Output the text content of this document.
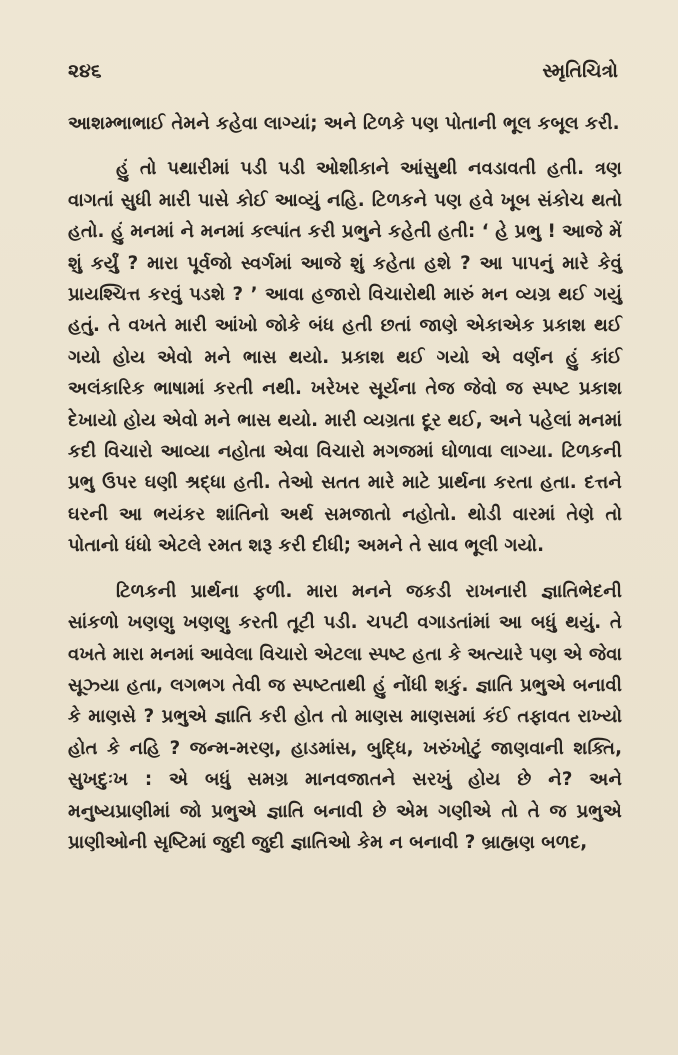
૨૪૬	સ્મૃતિચિત્રો

આશમ્ભાભાઈ તેમને કહેવા લાગ્યાં; અને ટિળકે પણ પોતાની ભૂલ કબૂલ કરી.

હું તો પથારીમાં પડી પડી ઓશીકાને આંસુથી નવડાવતી હતી. ત્રણ વાગતાં સુધી મારી પાસે કોઈ આવ્યું નહિ. ટિળકને પણ હવે ખૂબ સંકોચ થતો હતો. હું મનમાં ને મનમાં કલ્પાંત કરી પ્રભુને કહેતી હતી: ‘ હે પ્રભુ ! આજે મેં શું કર્યું ? મારા પૂર્વજો સ્વર્ગમાં આજે શું કહેતા હશે ? આ પાપનું મારે કેવું પ્રાયશ્ચિત્ત કરવું પડશે ? ’ આવા હજારો વિચારોથી મારું મન વ્યગ્ર થઈ ગયું હતું. તે વખતે મારી આંખો જોકે બંધ હતી છતાં જાણે એકાએક પ્રકાશ થઈ ગયો હોય એવો મને ભાસ થયો. પ્રકાશ થઈ ગયો એ વર્ણન હું કાંઈ અલંકારિક ભાષામાં કરતી નથી. ખરેખર સૂર્યના તેજ જેવો જ સ્પષ્ટ પ્રકાશ દેખાયો હોય એવો મને ભાસ થયો. મારી વ્યગ્રતા દૂર થઈ, અને પહેલાં મનમાં કદી વિચારો આવ્યા નહોતા એવા વિચારો મગજમાં ઘોળાવા લાગ્યા. ટિળકની પ્રભુ ઉપર ઘણી શ્રદ્ધા હતી. તેઓ સતત મારે માટે પ્રાર્થના કરતા હતા. દત્તને ઘરની આ ભયંકર શાંતિનો અર્થ સમજાતો નહોતો. થોડી વારમાં તેણે તો પોતાનો ધંધો એટલે રમત શરૂ કરી દીધી; અમને તે સાવ ભૂલી ગયો.

ટિળકની પ્રાર્થના ફળી. મારા મનને જકડી રાખનારી જ્ઞાતિભેદની સાંકળો ખણણુ ખણણુ કરતી તૂટી પડી. ચપટી વગાડતાંમાં આ બધું થયું. તે વખતે મારા મનમાં આવેલા વિચારો એટલા સ્પષ્ટ હતા કે અત્યારે પણ એ જેવા સૂઝ્યા હતા, લગભગ તેવી જ સ્પષ્ટતાથી હું નોંધી શકું. જ્ઞાતિ પ્રભુએ બનાવી કે માણસે ? પ્રભુએ જ્ઞાતિ કરી હોત તો માણસ માણસમાં કંઈ તફાવત રાખ્યો હોત કે નહિ ? જન્મ-મરણ, હાડમાંસ, બુદ્ધિ, ખરુંખોટું જાણવાની શક્તિ, સુખદુઃખ : એ બધું સમગ્ર માનવજાતને સરખું હોય છે ને? અને મનુષ્યપ્રાણીમાં જો પ્રભુએ જ્ઞાતિ બનાવી છે એમ ગણીએ તો તે જ પ્રભુએ પ્રાણીઓની સૃષ્ટિમાં જુદી જુદી જ્ઞાતિઓ કેમ ન બનાવી ? બ્રાહ્મણ બળદ,
